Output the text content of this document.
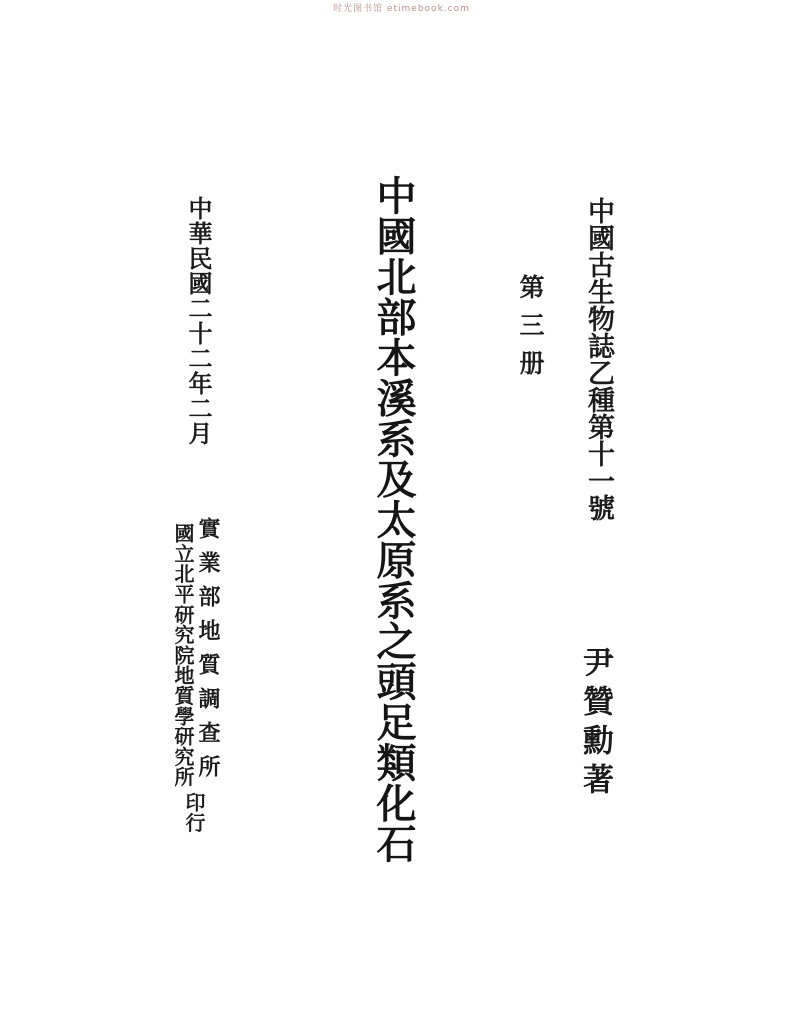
时光图书馆 etimebook.com
中國古生物誌乙種第十一號
第三册
尹贊勳著
中國北部本溪系及太原系之頭足類化石
中華民國二十二年二月
實業部地質調查所
國立北平研究院地質學研究所
印行
